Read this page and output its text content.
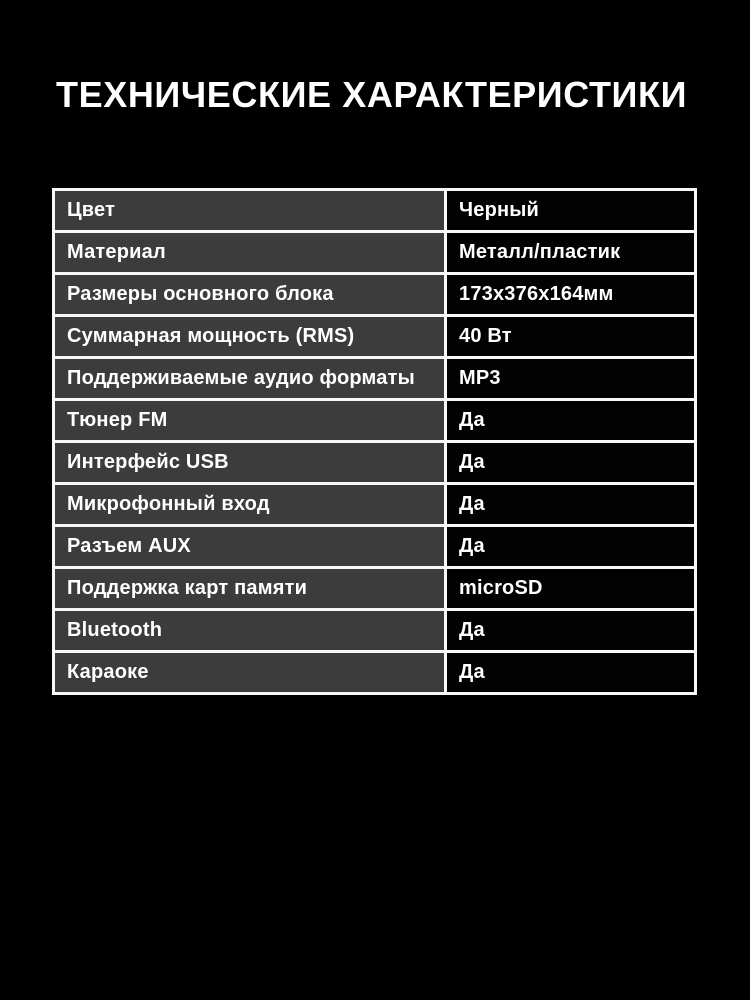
ТЕХНИЧЕСКИЕ ХАРАКТЕРИСТИКИ
Цвет	Черный
Материал	Металл/пластик
Размеры основного блока	173x376x164мм
Суммарная мощность (RMS)	40 Вт
Поддерживаемые аудио форматы	MP3
Тюнер FM	Да
Интерфейс USB	Да
Микрофонный вход	Да
Разъем AUX	Да
Поддержка карт памяти	microSD
Bluetooth	Да
Караоке	Да
